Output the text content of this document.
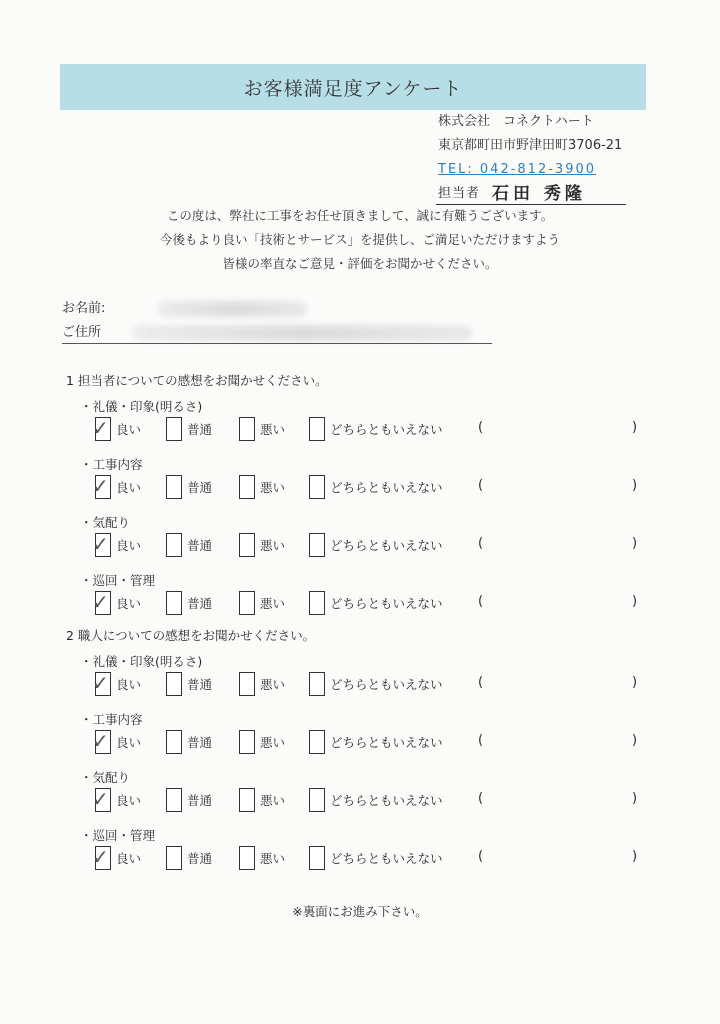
お客様満足度アンケート
株式会社　コネクトハート
東京都町田市野津田町3706-21
TEL: 042-812-3900
担当者 石田 秀隆
この度は、弊社に工事をお任せ頂きまして、誠に有難うございます。
今後もより良い「技術とサービス」を提供し、ご満足いただけますよう
皆様の率直なご意見・評価をお聞かせください。
お名前:
ご住所
1 担当者についての感想をお聞かせください。
・礼儀・印象(明るさ)
✓ 良い	普通	悪い	どちらともいえない	(	)
・工事内容
✓ 良い	普通	悪い	どちらともいえない	(	)
・気配り
✓ 良い	普通	悪い	どちらともいえない	(	)
・巡回・管理
✓ 良い	普通	悪い	どちらともいえない	(	)
2 職人についての感想をお聞かせください。
・礼儀・印象(明るさ)
✓ 良い	普通	悪い	どちらともいえない	(	)
・工事内容
✓ 良い	普通	悪い	どちらともいえない	(	)
・気配り
✓ 良い	普通	悪い	どちらともいえない	(	)
・巡回・管理
✓ 良い	普通	悪い	どちらともいえない	(	)
※裏面にお進み下さい。
